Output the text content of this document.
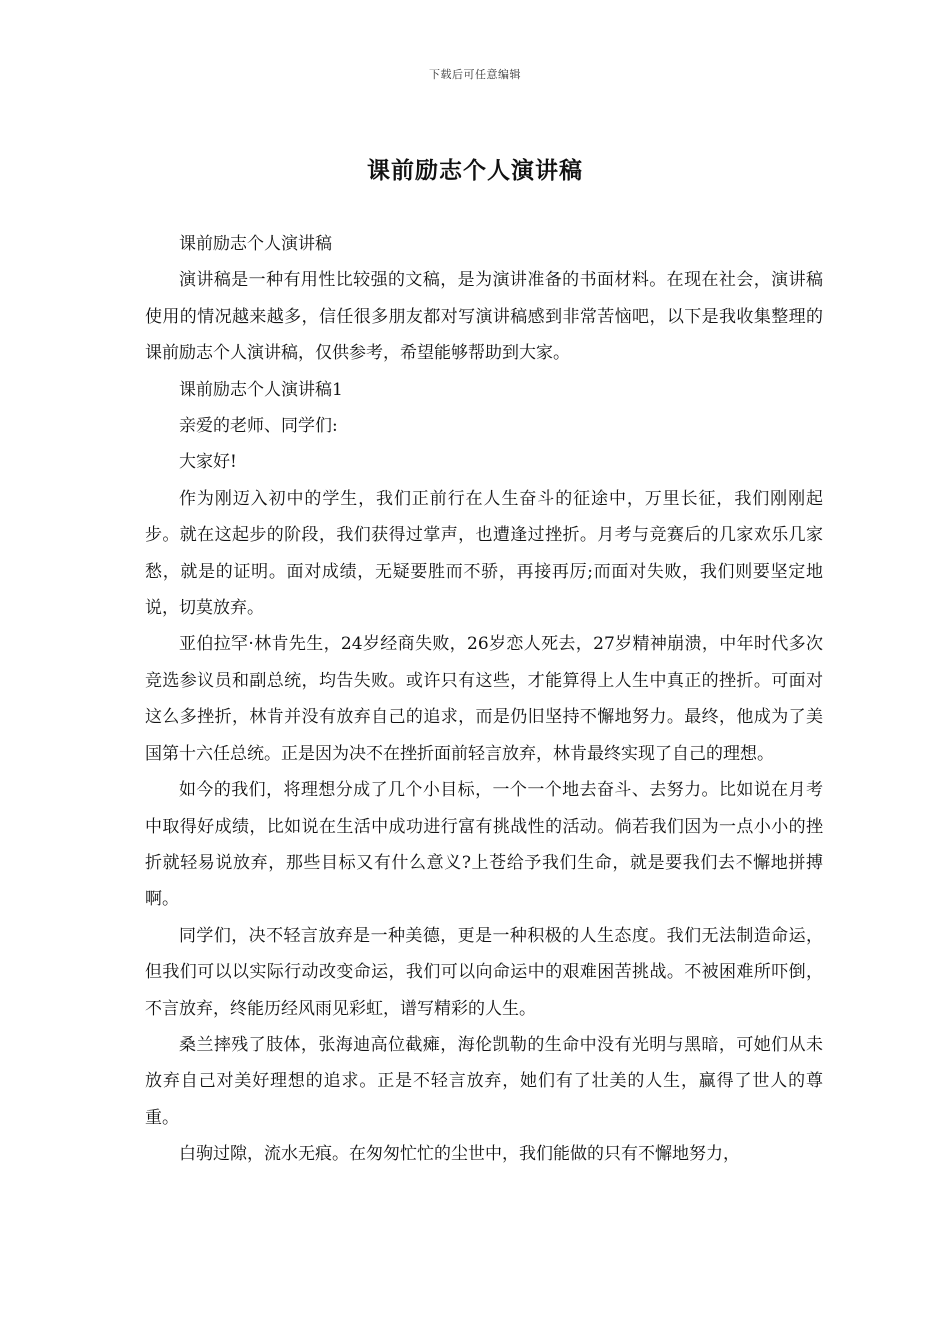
下载后可任意编辑
课前励志个人演讲稿

课前励志个人演讲稿

演讲稿是一种有用性比较强的文稿，是为演讲准备的书面材料。在现在社会，演讲稿使用的情况越来越多，信任很多朋友都对写演讲稿感到非常苦恼吧，以下是我收集整理的课前励志个人演讲稿，仅供参考，希望能够帮助到大家。

课前励志个人演讲稿1

亲爱的老师、同学们:

大家好!

作为刚迈入初中的学生，我们正前行在人生奋斗的征途中，万里长征，我们刚刚起步。就在这起步的阶段，我们获得过掌声，也遭逢过挫折。月考与竞赛后的几家欢乐几家愁，就是的证明。面对成绩，无疑要胜而不骄，再接再厉;而面对失败，我们则要坚定地说，切莫放弃。

亚伯拉罕·林肯先生，24岁经商失败，26岁恋人死去，27岁精神崩溃，中年时代多次竞选参议员和副总统，均告失败。或许只有这些，才能算得上人生中真正的挫折。可面对这么多挫折，林肯并没有放弃自己的追求，而是仍旧坚持不懈地努力。最终，他成为了美国第十六任总统。正是因为决不在挫折面前轻言放弃，林肯最终实现了自己的理想。

如今的我们，将理想分成了几个小目标，一个一个地去奋斗、去努力。比如说在月考中取得好成绩，比如说在生活中成功进行富有挑战性的活动。倘若我们因为一点小小的挫折就轻易说放弃，那些目标又有什么意义?上苍给予我们生命，就是要我们去不懈地拼搏啊。

同学们，决不轻言放弃是一种美德，更是一种积极的人生态度。我们无法制造命运，但我们可以以实际行动改变命运，我们可以向命运中的艰难困苦挑战。不被困难所吓倒，不言放弃，终能历经风雨见彩虹，谱写精彩的人生。

桑兰摔残了肢体，张海迪高位截瘫，海伦凯勒的生命中没有光明与黑暗，可她们从未放弃自己对美好理想的追求。正是不轻言放弃，她们有了壮美的人生，赢得了世人的尊重。

白驹过隙，流水无痕。在匆匆忙忙的尘世中，我们能做的只有不懈地努力，
